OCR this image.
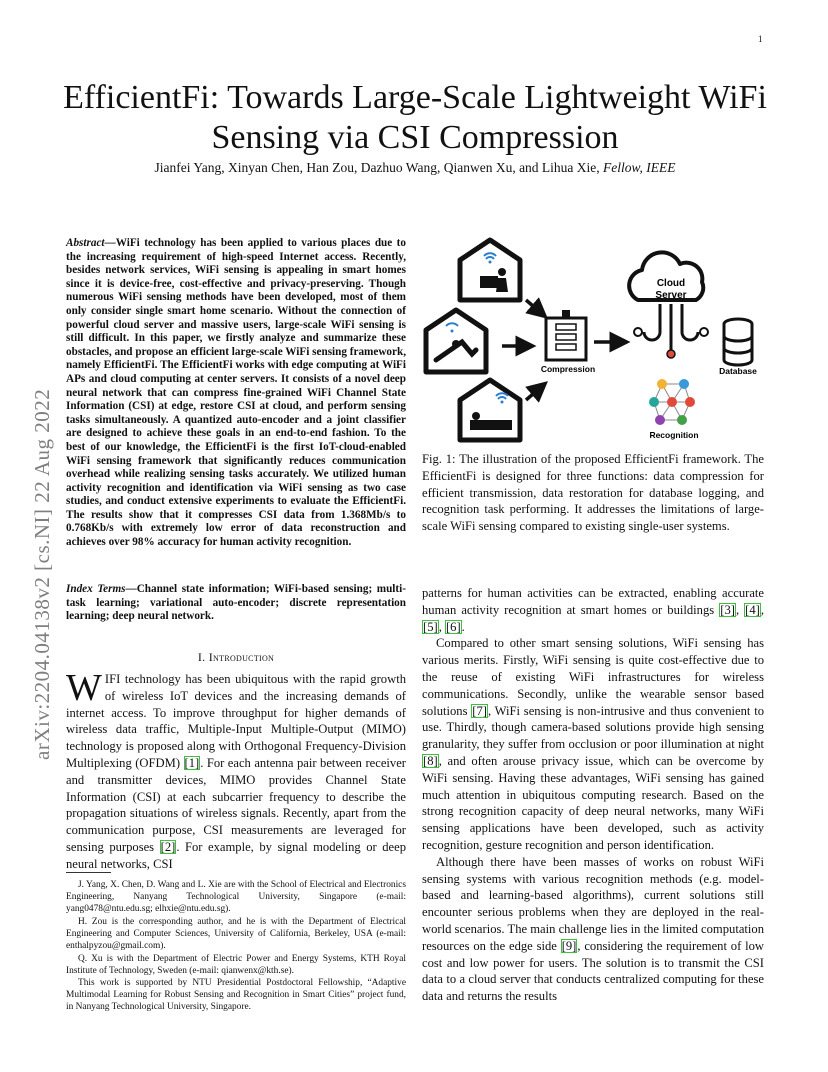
1
EfficientFi: Towards Large-Scale Lightweight WiFi Sensing via CSI Compression
Jianfei Yang, Xinyan Chen, Han Zou, Dazhuo Wang, Qianwen Xu, and Lihua Xie, Fellow, IEEE
arXiv:2204.04138v2 [cs.NI] 22 Aug 2022
Abstract—WiFi technology has been applied to various places due to the increasing requirement of high-speed Internet access. Recently, besides network services, WiFi sensing is appealing in smart homes since it is device-free, cost-effective and privacy-preserving. Though numerous WiFi sensing methods have been developed, most of them only consider single smart home scenario. Without the connection of powerful cloud server and massive users, large-scale WiFi sensing is still difficult. In this paper, we firstly analyze and summarize these obstacles, and propose an efficient large-scale WiFi sensing framework, namely EfficientFi. The EfficientFi works with edge computing at WiFi APs and cloud computing at center servers. It consists of a novel deep neural network that can compress fine-grained WiFi Channel State Information (CSI) at edge, restore CSI at cloud, and perform sensing tasks simultaneously. A quantized auto-encoder and a joint classifier are designed to achieve these goals in an end-to-end fashion. To the best of our knowledge, the EfficientFi is the first IoT-cloud-enabled WiFi sensing framework that significantly reduces communication overhead while realizing sensing tasks accurately. We utilized human activity recognition and identification via WiFi sensing as two case studies, and conduct extensive experiments to evaluate the EfficientFi. The results show that it compresses CSI data from 1.368Mb/s to 0.768Kb/s with extremely low error of data reconstruction and achieves over 98% accuracy for human activity recognition.
Index Terms—Channel state information; WiFi-based sensing; multi-task learning; variational auto-encoder; discrete representation learning; deep neural network.
I. Introduction
WIFI technology has been ubiquitous with the rapid growth of wireless IoT devices and the increasing demands of internet access. To improve throughput for higher demands of wireless data traffic, Multiple-Input Multiple-Output (MIMO) technology is proposed along with Orthogonal Frequency-Division Multiplexing (OFDM) [1]. For each antenna pair between receiver and transmitter devices, MIMO provides Channel State Information (CSI) at each subcarrier frequency to describe the propagation situations of wireless signals. Recently, apart from the communication purpose, CSI measurements are leveraged for sensing purposes [2]. For example, by signal modeling or deep neural networks, CSI

J. Yang, X. Chen, D. Wang and L. Xie are with the School of Electrical and Electronics Engineering, Nanyang Technological University, Singapore (e-mail: yang0478@ntu.edu.sg; elhxie@ntu.edu.sg).

H. Zou is the corresponding author, and he is with the Department of Electrical Engineering and Computer Sciences, University of California, Berkeley, USA (e-mail: enthalpyzou@gmail.com).

Q. Xu is with the Department of Electric Power and Energy Systems, KTH Royal Institute of Technology, Sweden (e-mail: qianwenx@kth.se).

This work is supported by NTU Presidential Postdoctoral Fellowship, “Adaptive Multimodal Learning for Robust Sensing and Recognition in Smart Cities” project fund, in Nanyang Technological University, Singapore.

Compression
Cloud
Server
Database
Recognition
Fig. 1: The illustration of the proposed EfficientFi framework. The EfficientFi is designed for three functions: data compression for efficient transmission, data restoration for database logging, and recognition task performing. It addresses the limitations of large-scale WiFi sensing compared to existing single-user systems.

patterns for human activities can be extracted, enabling accurate human activity recognition at smart homes or buildings [3], [4], [5], [6].

Compared to other smart sensing solutions, WiFi sensing has various merits. Firstly, WiFi sensing is quite cost-effective due to the reuse of existing WiFi infrastructures for wireless communications. Secondly, unlike the wearable sensor based solutions [7], WiFi sensing is non-intrusive and thus convenient to use. Thirdly, though camera-based solutions provide high sensing granularity, they suffer from occlusion or poor illumination at night [8], and often arouse privacy issue, which can be overcome by WiFi sensing. Having these advantages, WiFi sensing has gained much attention in ubiquitous computing research. Based on the strong recognition capacity of deep neural networks, many WiFi sensing applications have been developed, such as activity recognition, gesture recognition and person identification.

Although there have been masses of works on robust WiFi sensing systems with various recognition methods (e.g. model-based and learning-based algorithms), current solutions still encounter serious problems when they are deployed in the real-world scenarios. The main challenge lies in the limited computation resources on the edge side [9], considering the requirement of low cost and low power for users. The solution is to transmit the CSI data to a cloud server that conducts centralized computing for these data and returns the results
